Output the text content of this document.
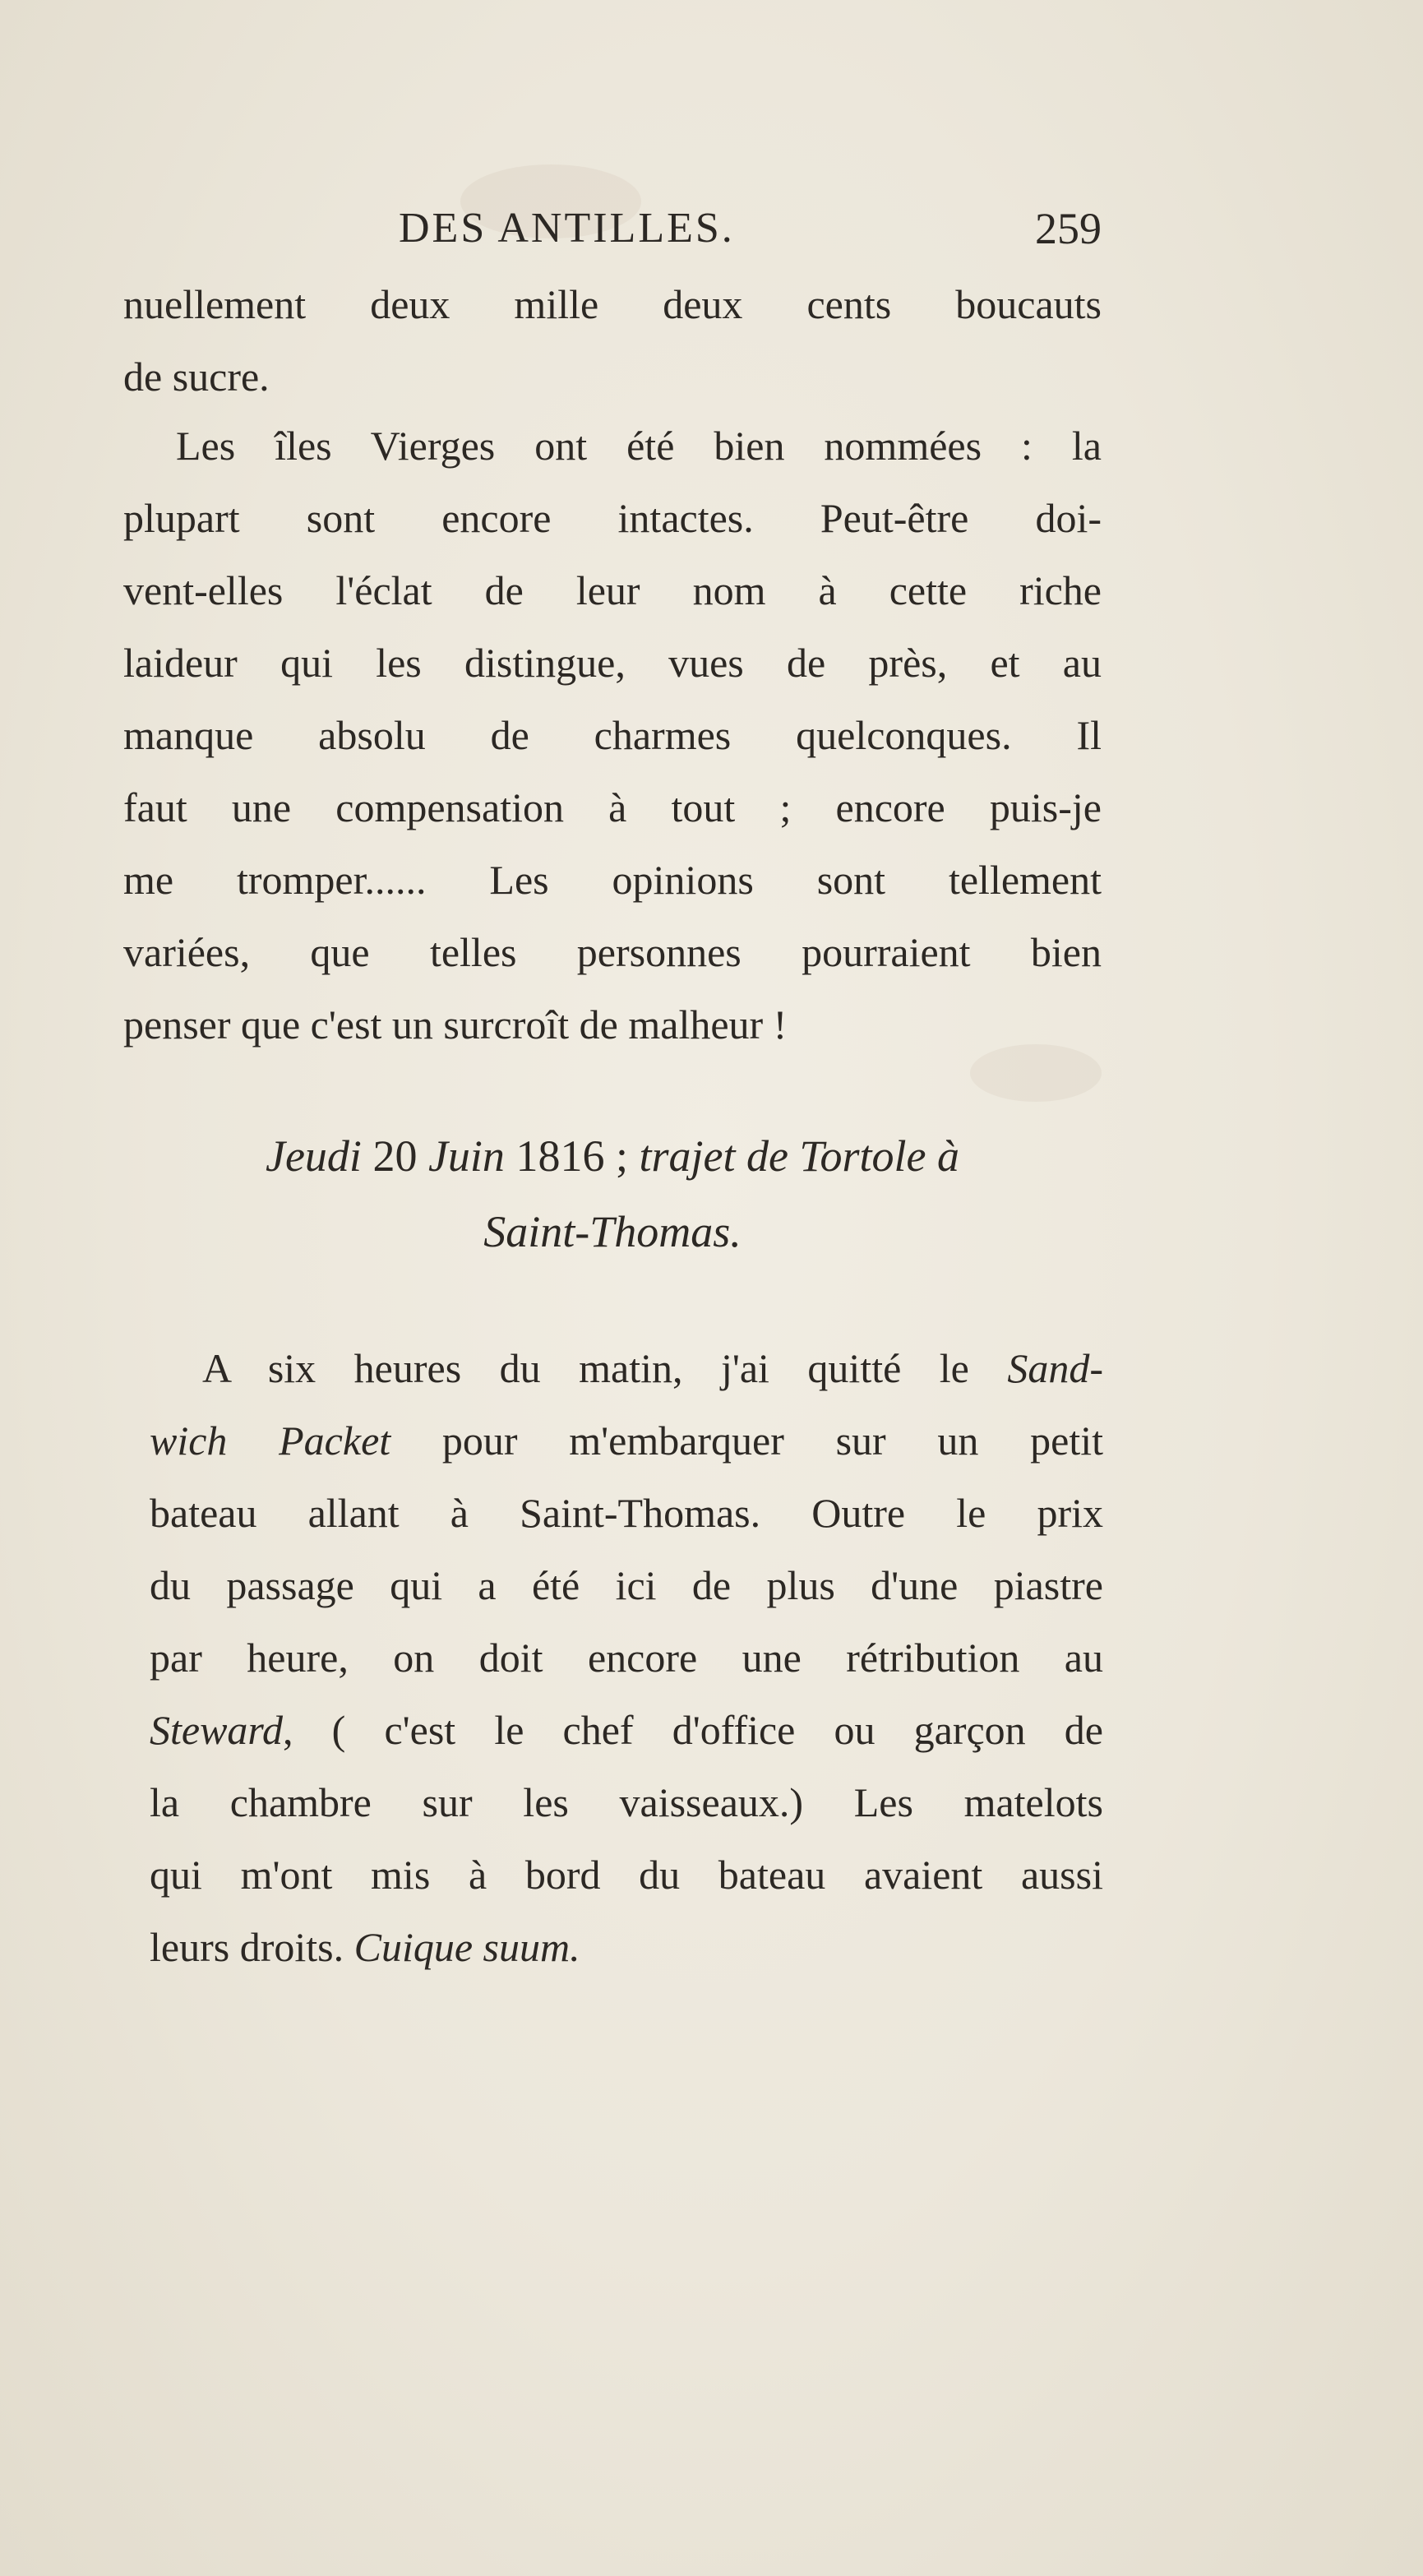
DES ANTILLES.	259
nuellement deux mille deux cents boucauts
de sucre.
Les îles Vierges ont été bien nommées : la
plupart sont encore intactes. Peut-être doi-
vent-elles l'éclat de leur nom à cette riche
laideur qui les distingue, vues de près, et au
manque absolu de charmes quelconques. Il
faut une compensation à tout ; encore puis-je
me tromper...... Les opinions sont tellement
variées, que telles personnes pourraient bien
penser que c'est un surcroît de malheur !
Jeudi 20 Juin 1816 ; trajet de Tortole à
Saint-Thomas.
A six heures du matin, j'ai quitté le Sand-
wich Packet pour m'embarquer sur un petit
bateau allant à Saint-Thomas. Outre le prix
du passage qui a été ici de plus d'une piastre
par heure, on doit encore une rétribution au
Steward, ( c'est le chef d'office ou garçon de
la chambre sur les vaisseaux.) Les matelots
qui m'ont mis à bord du bateau avaient aussi
leurs droits. Cuique suum.
